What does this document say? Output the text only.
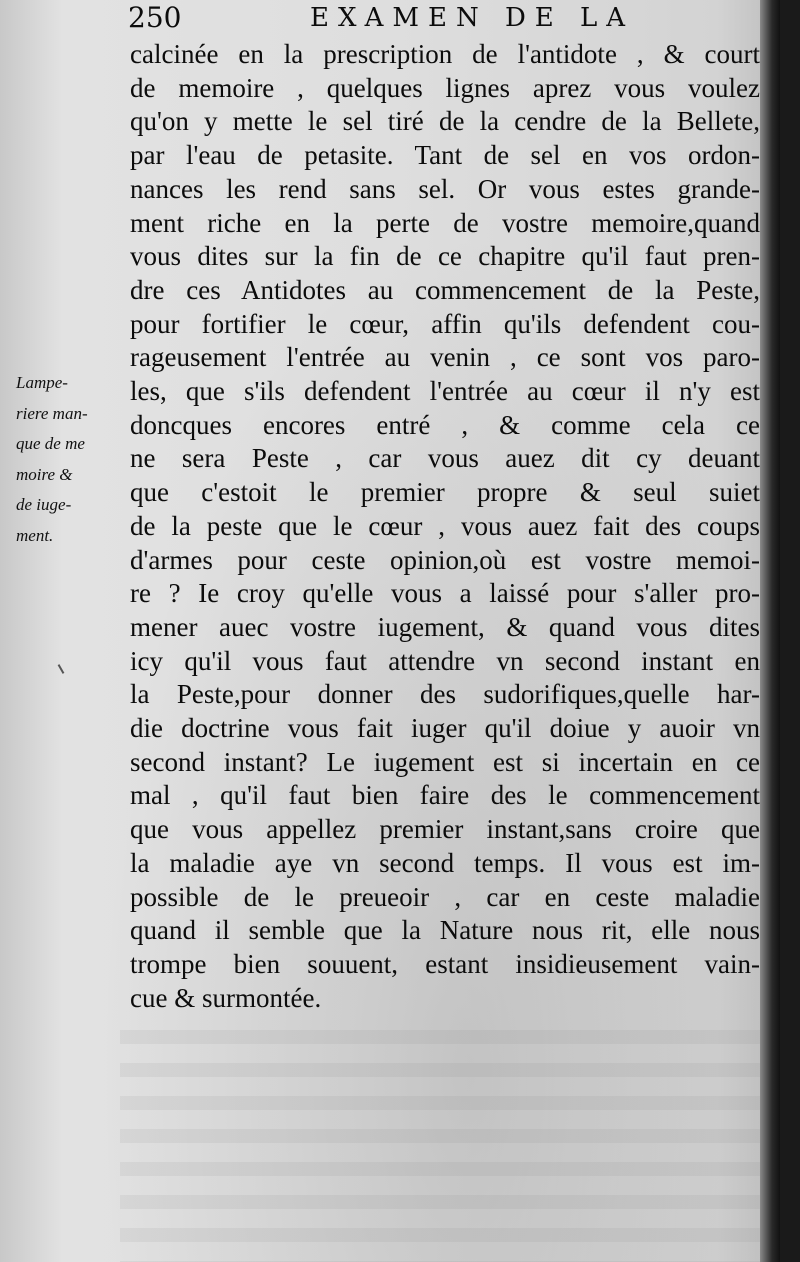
250	EXAMEN DE LA
Lampe-
riere man-
que de me
moire &
de iuge-
ment.
calcinée en la prescription de l'antidote , & court
de memoire , quelques lignes aprez vous voulez
qu'on y mette le sel tiré de la cendre de la Bellete,
par l'eau de petasite. Tant de sel en vos ordon-
nances les rend sans sel. Or vous estes grande-
ment riche en la perte de vostre memoire,quand
vous dites sur la fin de ce chapitre qu'il faut pren-
dre ces Antidotes au commencement de la Peste,
pour fortifier le cœur, affin qu'ils defendent cou-
rageusement l'entrée au venin , ce sont vos paro-
les, que s'ils defendent l'entrée au cœur il n'y est
doncques encores entré , & comme cela ce
ne sera Peste , car vous auez dit cy deuant
que c'estoit le premier propre & seul suiet
de la peste que le cœur , vous auez fait des coups
d'armes pour ceste opinion,où est vostre memoi-
re ? Ie croy qu'elle vous a laissé pour s'aller pro-
mener auec vostre iugement, & quand vous dites
icy qu'il vous faut attendre vn second instant en
la Peste,pour donner des sudorifiques,quelle har-
die doctrine vous fait iuger qu'il doiue y auoir vn
second instant? Le iugement est si incertain en ce
mal , qu'il faut bien faire des le commencement
que vous appellez premier instant,sans croire que
la maladie aye vn second temps. Il vous est im-
possible de le preueoir , car en ceste maladie
quand il semble que la Nature nous rit, elle nous
trompe bien souuent, estant insidieusement vain-
cue & surmontée.
